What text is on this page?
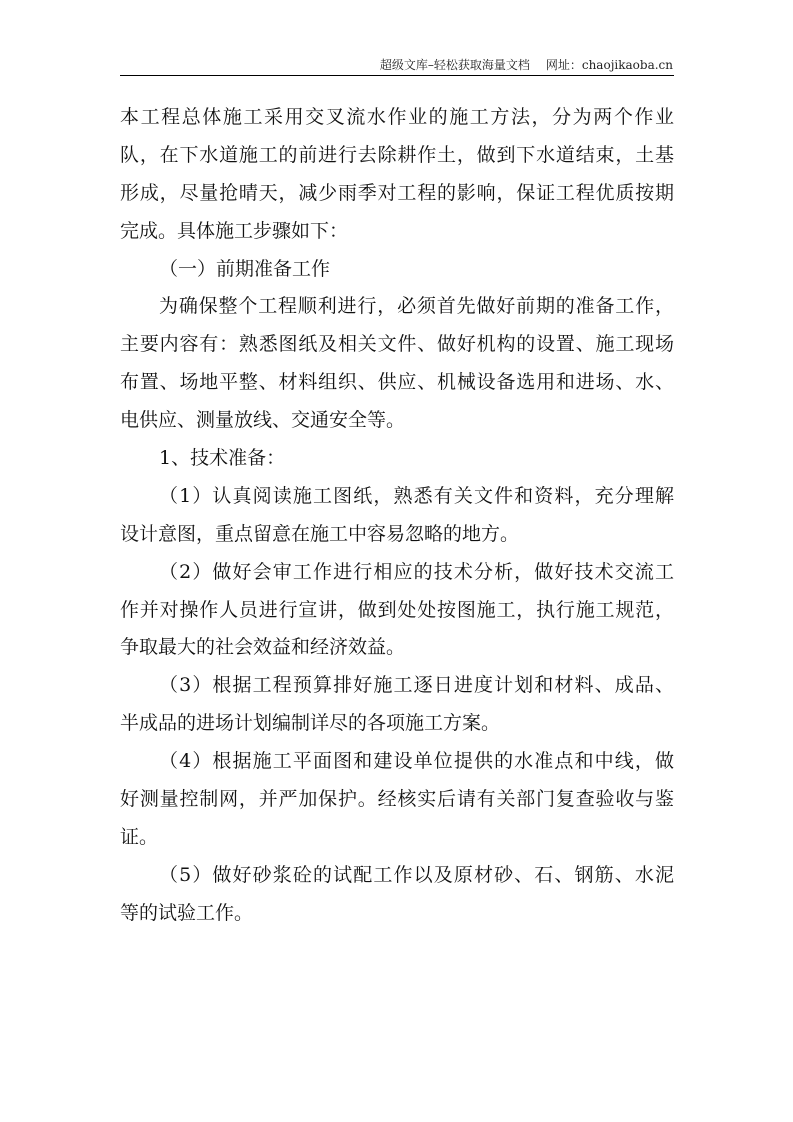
超级文库–轻松获取海量文档 网址：chaojikaoba.cn
本工程总体施工采用交叉流水作业的施工方法，分为两个作业
队，在下水道施工的前进行去除耕作土，做到下水道结束，土基
形成，尽量抢晴天，减少雨季对工程的影响，保证工程优质按期
完成。具体施工步骤如下：
（一）前期准备工作
为确保整个工程顺利进行，必须首先做好前期的准备工作，
主要内容有：熟悉图纸及相关文件、做好机构的设置、施工现场
布置、场地平整、材料组织、供应、机械设备选用和进场、水、
电供应、测量放线、交通安全等。
1、技术准备：
（1）认真阅读施工图纸，熟悉有关文件和资料，充分理解
设计意图，重点留意在施工中容易忽略的地方。
（2）做好会审工作进行相应的技术分析，做好技术交流工
作并对操作人员进行宣讲，做到处处按图施工，执行施工规范，
争取最大的社会效益和经济效益。
（3）根据工程预算排好施工逐日进度计划和材料、成品、
半成品的进场计划编制详尽的各项施工方案。
（4）根据施工平面图和建设单位提供的水准点和中线，做
好测量控制网，并严加保护。经核实后请有关部门复查验收与鉴
证。
（5）做好砂浆砼的试配工作以及原材砂、石、钢筋、水泥
等的试验工作。
